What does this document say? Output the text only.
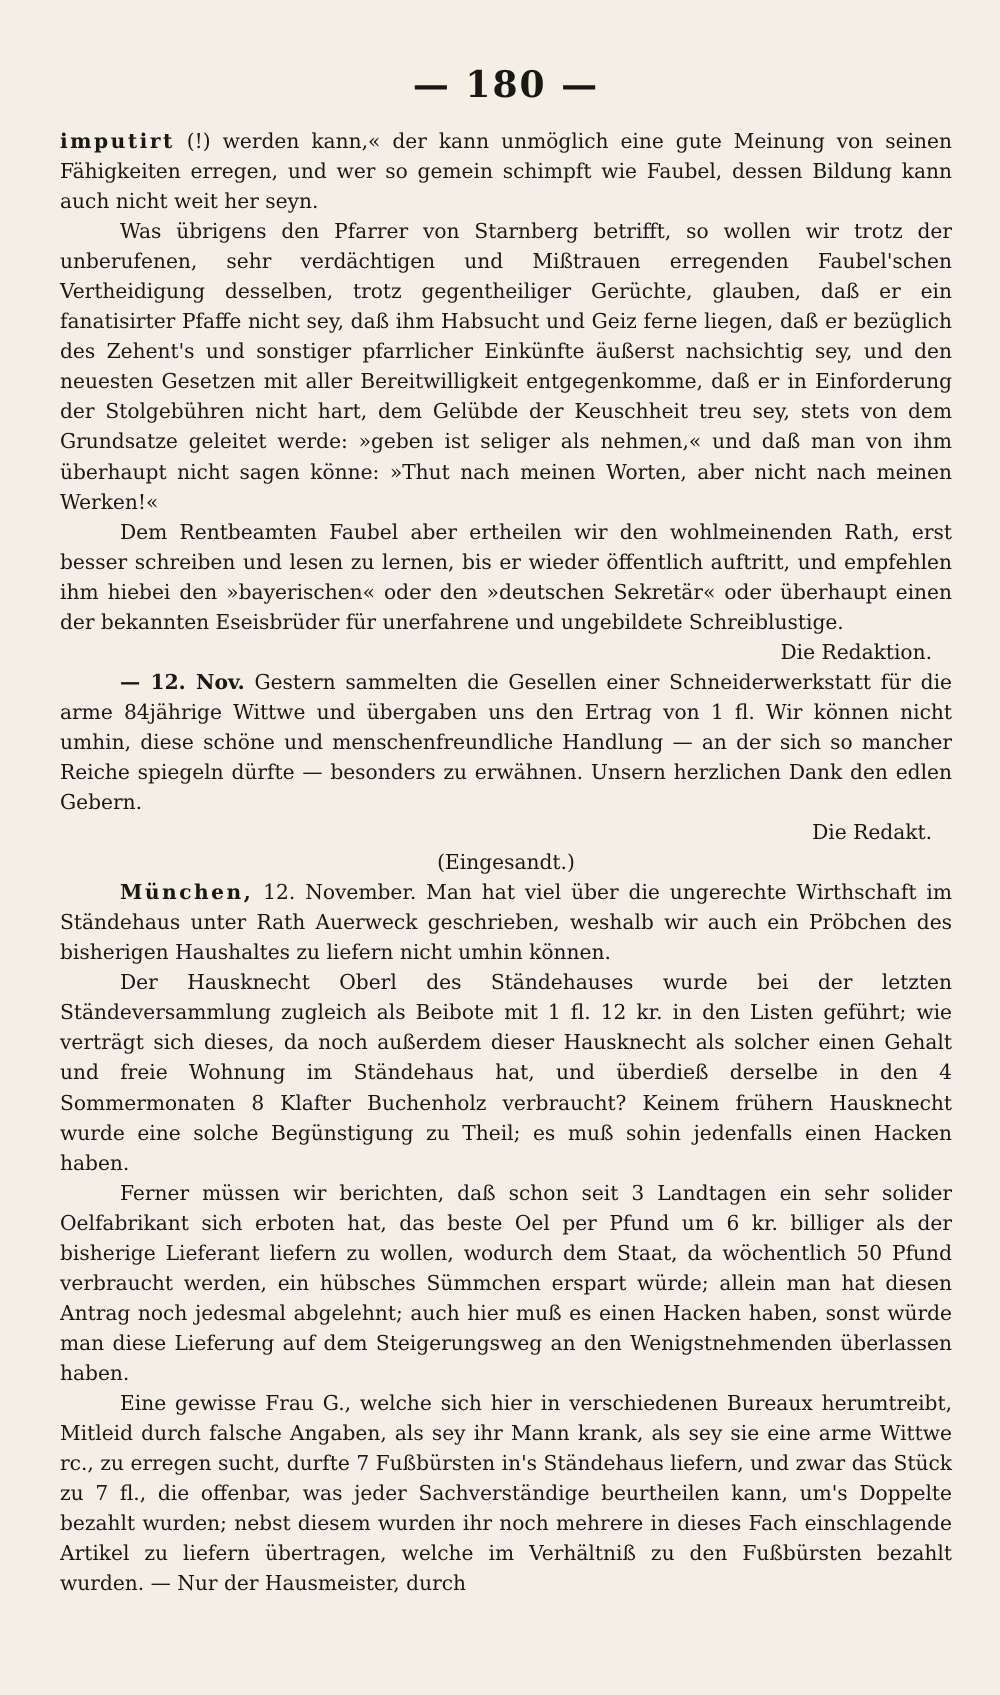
— 180 —

imputirt (!) werden kann,« der kann unmöglich eine gute Meinung von seinen Fähigkeiten erregen, und wer so gemein schimpft wie Faubel, dessen Bildung kann auch nicht weit her seyn.

Was übrigens den Pfarrer von Starnberg betrifft, so wollen wir trotz der unberufenen, sehr verdächtigen und Mißtrauen erregenden Faubel'schen Vertheidigung desselben, trotz gegentheiliger Gerüchte, glauben, daß er ein fanatisirter Pfaffe nicht sey, daß ihm Habsucht und Geiz ferne liegen, daß er bezüglich des Zehent's und sonstiger pfarrlicher Einkünfte äußerst nachsichtig sey, und den neuesten Gesetzen mit aller Bereitwilligkeit entgegenkomme, daß er in Einforderung der Stolgebühren nicht hart, dem Gelübde der Keuschheit treu sey, stets von dem Grundsatze geleitet werde: »geben ist seliger als nehmen,« und daß man von ihm überhaupt nicht sagen könne: »Thut nach meinen Worten, aber nicht nach meinen Werken!«

Dem Rentbeamten Faubel aber ertheilen wir den wohlmeinenden Rath, erst besser schreiben und lesen zu lernen, bis er wieder öffentlich auftritt, und empfehlen ihm hiebei den »bayerischen« oder den »deutschen Sekretär« oder überhaupt einen der bekannten Eseisbrüder für unerfahrene und ungebildete Schreiblustige.

Die Redaktion.

— 12. Nov. Gestern sammelten die Gesellen einer Schneiderwerkstatt für die arme 84jährige Wittwe und übergaben uns den Ertrag von 1 fl. Wir können nicht umhin, diese schöne und menschenfreundliche Handlung — an der sich so mancher Reiche spiegeln dürfte — besonders zu erwähnen. Unsern herzlichen Dank den edlen Gebern.

Die Redakt.

(Eingesandt.)

München, 12. November. Man hat viel über die ungerechte Wirthschaft im Ständehaus unter Rath Auerweck geschrieben, weshalb wir auch ein Pröbchen des bisherigen Haushaltes zu liefern nicht umhin können.

Der Hausknecht Oberl des Ständehauses wurde bei der letzten Ständeversammlung zugleich als Beibote mit 1 fl. 12 kr. in den Listen geführt; wie verträgt sich dieses, da noch außerdem dieser Hausknecht als solcher einen Gehalt und freie Wohnung im Ständehaus hat, und überdieß derselbe in den 4 Sommermonaten 8 Klafter Buchenholz verbraucht? Keinem frühern Hausknecht wurde eine solche Begünstigung zu Theil; es muß sohin jedenfalls einen Hacken haben.

Ferner müssen wir berichten, daß schon seit 3 Landtagen ein sehr solider Oelfabrikant sich erboten hat, das beste Oel per Pfund um 6 kr. billiger als der bisherige Lieferant liefern zu wollen, wodurch dem Staat, da wöchentlich 50 Pfund verbraucht werden, ein hübsches Sümmchen erspart würde; allein man hat diesen Antrag noch jedesmal abgelehnt; auch hier muß es einen Hacken haben, sonst würde man diese Lieferung auf dem Steigerungsweg an den Wenigstnehmenden überlassen haben.

Eine gewisse Frau G., welche sich hier in verschiedenen Bureaux herumtreibt, Mitleid durch falsche Angaben, als sey ihr Mann krank, als sey sie eine arme Wittwe rc., zu erregen sucht, durfte 7 Fußbürsten in's Ständehaus liefern, und zwar das Stück zu 7 fl., die offenbar, was jeder Sachverständige beurtheilen kann, um's Doppelte bezahlt wurden; nebst diesem wurden ihr noch mehrere in dieses Fach einschlagende Artikel zu liefern übertragen, welche im Verhältniß zu den Fußbürsten bezahlt wurden. — Nur der Hausmeister, durch
